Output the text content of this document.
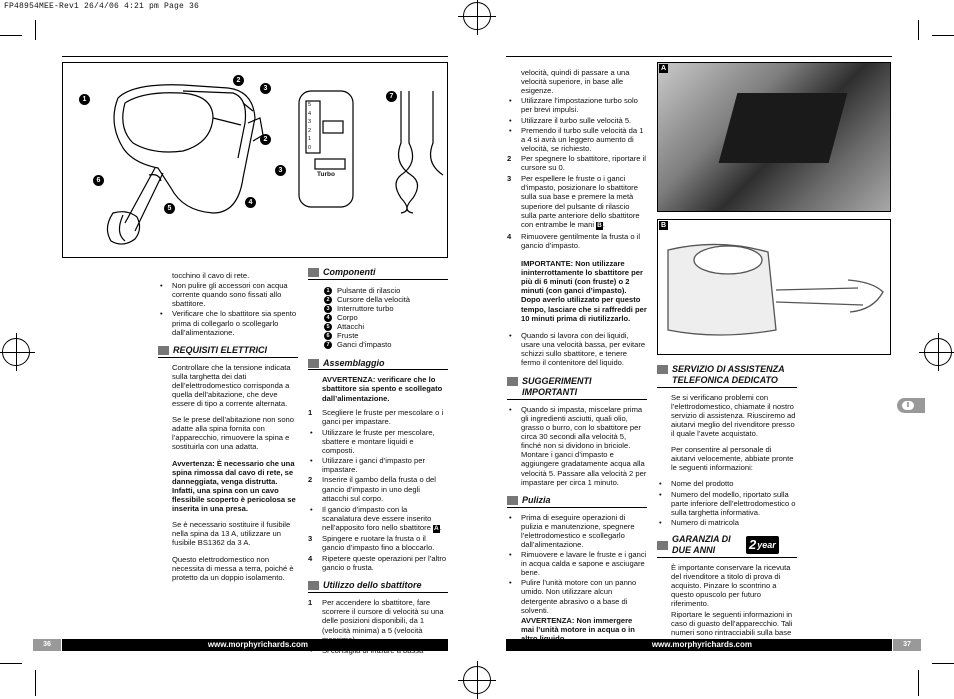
FP48954MEE-Rev1 26/4/06 4:21 pm Page 36
1
2
3
2
3
4
5
6
7
5
4
3
2
1
0
Turbo
A
B
tocchino il cavo di rete.
• Non pulire gli accessori con acqua corrente quando sono fissati allo sbattitore.
• Verificare che lo sbattitore sia spento prima di collegarlo o scollegarlo dall’alimentazione.
REQUISITI ELETTRICI

Controllare che la tensione indicata sulla targhetta dei dati dell’elettrodomestico corrisponda a quella dell’abitazione, che deve essere di tipo a corrente alternata.

Se le prese dell’abitazione non sono adatte alla spina fornita con l’apparecchio, rimuovere la spina e sostituirla con una adatta.

Avvertenza: È necessario che una spina rimossa dal cavo di rete, se danneggiata, venga distrutta. Infatti, una spina con un cavo flessibile scoperto è pericolosa se inserita in una presa.

Se è necessario sostituire il fusibile nella spina da 13 A, utilizzare un fusibile BS1362 da 3 A.

Questo elettrodomestico non necessita di messa a terra, poiché è protetto da un doppio isolamento.

Componenti
1 Pulsante di rilascio
2 Cursore della velocità
3 Interruttore turbo
4 Corpo
5 Attacchi
6 Fruste
7 Ganci d’impasto
Assemblaggio

AVVERTENZA: verificare che lo sbattitore sia spento e scollegato dall’alimentazione.

1 Scegliere le fruste per mescolare o i ganci per impastare.
• Utilizzare le fruste per mescolare, sbattere e montare liquidi e composti.
• Utilizzare i ganci d’impasto per impastare.
2 Inserire il gambo della frusta o del gancio d’impasto in uno degli attacchi sul corpo.
• Il gancio d’impasto con la scanalatura deve essere inserito nell’apposito foro nello sbattitore A.
3 Spingere e ruotare la frusta o il gancio d’impasto fino a bloccarlo.
4 Ripetere queste operazioni per l’altro gancio o frusta.
Utilizzo dello sbattitore
1 Per accendere lo sbattitore, fare scorrere il cursore di velocità su una delle posizioni disponibili, da 1 (velocità minima) a 5 (velocità
•
velocità, quindi di passare a una velocità superiore, in base alle esigenze.
• Utilizzare l’impostazione turbo solo per brevi impulsi.
• Utilizzare il turbo sulle velocità 5.
• Premendo il turbo sulle velocità da 1 a 4 si avrà un leggero aumento di velocità, se richiesto.
2 Per spegnere lo sbattitore, riportare il cursore su 0.
3 Per espellere le fruste o i ganci d’impasto, posizionare lo sbattitore sulla sua base e premere la metà superiore del pulsante di rilascio sulla parte anteriore dello sbattitore con entrambe le mani B.
4 Rimuovere gentilmente la frusta o il gancio d’impasto.

IMPORTANTE: Non utilizzare ininterrottamente lo sbattitore per più di 6 minuti (con fruste) o 2 minuti (con ganci d’impasto). Dopo averlo utilizzato per questo tempo, lasciare che si raffreddi per 10 minuti prima di riutilizzarlo.

• Quando si lavora con dei liquidi, usare una velocità bassa, per evitare schizzi sullo sbattitore, e tenere fermo il contenitore del liquido.
SUGGERIMENTI IMPORTANTI
• Quando si impasta, miscelare prima gli ingredienti asciutti, quali olio, grasso o burro, con lo sbattitore per circa 30 secondi alla velocità 5, finché non si dividono in briciole. Montare i ganci d’impasto e aggiungere gradatamente acqua alla velocità 5. Passare alla velocità 2 per impastare per circa 1 minuto.
Pulizia
• Prima di eseguire operazioni di pulizia e manutenzione, spegnere l’elettrodomestico e scollegarlo dall’alimentazione.
• Rimuovere e lavare le fruste e i ganci in acqua calda e sapone e asciugare bene.
• Pulire l’unità motore con un panno umido. Non utilizzare alcun detergente abrasivo o a base di solventi.

AVVERTENZA: Non immergere mai l’unità motore in acqua o in

SERVIZIO DI ASSISTENZA TELEFONICA DEDICATO

Se si verificano problemi con l’elettrodomestico, chiamate il nostro servizio di assistenza. Riusciremo ad aiutarvi meglio del rivenditore presso il quale l’avete acquistato.

Per consentire al personale di aiutarvi velocemente, abbiate pronte le seguenti informazioni:

• Nome del prodotto
• Numero del modello, riportato sulla parte inferiore dell’elettrodomestico o sulla targhetta informativa.
• Numero di matricola
GARANZIA DI DUE ANNI	2 year

È importante conservare la ricevuta del rivenditore a titolo di prova di acquisto. Pinzare lo scontrino a questo opuscolo per futuro riferimento.

Riportare le seguenti informazioni in caso di guasto dell’apparecchio. Tali numeri sono rintracciabili sulla base

I
36	www.morphyrichards.com	www.morphyrichards.com	37
